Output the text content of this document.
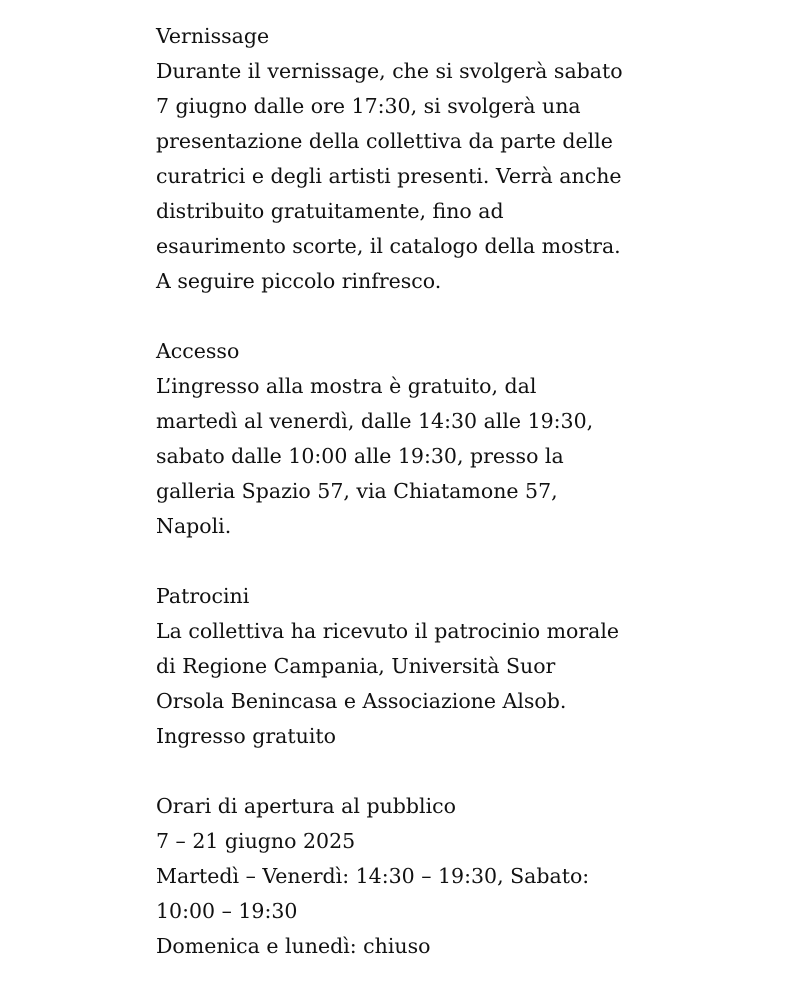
Vernissage
Durante il vernissage, che si svolgerà sabato
7 giugno dalle ore 17:30, si svolgerà una
presentazione della collettiva da parte delle
curatrici e degli artisti presenti. Verrà anche
distribuito gratuitamente, fino ad
esaurimento scorte, il catalogo della mostra.
A seguire piccolo rinfresco.
Accesso
L’ingresso alla mostra è gratuito, dal
martedì al venerdì, dalle 14:30 alle 19:30,
sabato dalle 10:00 alle 19:30, presso la
galleria Spazio 57, via Chiatamone 57,
Napoli.
Patrocini
La collettiva ha ricevuto il patrocinio morale
di Regione Campania, Università Suor
Orsola Benincasa e Associazione Alsob.
Ingresso gratuito
Orari di apertura al pubblico
7 – 21 giugno 2025
Martedì – Venerdì: 14:30 – 19:30, Sabato:
10:00 – 19:30
Domenica e lunedì: chiuso
